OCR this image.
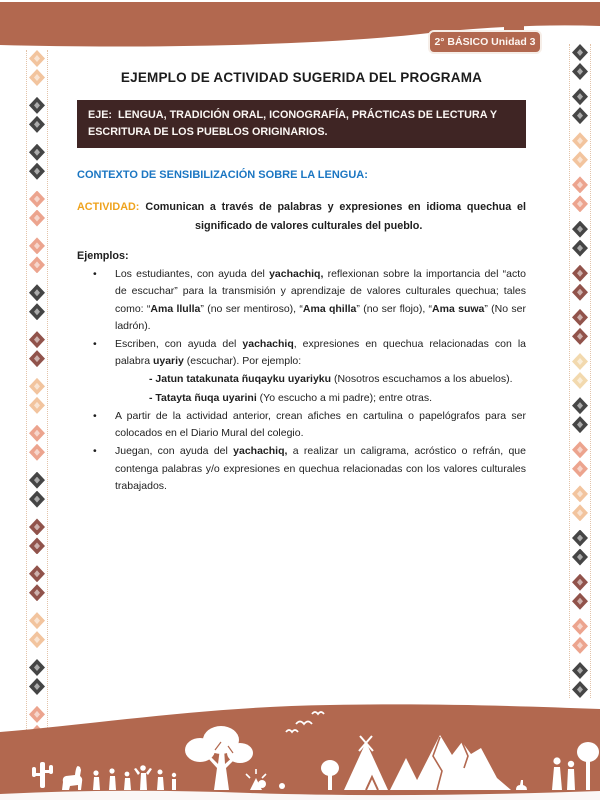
2° BÁSICO Unidad 3
EJEMPLO DE ACTIVIDAD SUGERIDA DEL PROGRAMA
EJE:  LENGUA, TRADICIÓN ORAL, ICONOGRAFÍA, PRÁCTICAS DE LECTURA Y ESCRITURA DE LOS PUEBLOS ORIGINARIOS.
CONTEXTO DE SENSIBILIZACIÓN SOBRE LA LENGUA:
ACTIVIDAD: Comunican a través de palabras y expresiones en idioma quechua el significado de valores culturales del pueblo.
Ejemplos:
•	Los estudiantes, con ayuda del yachachiq, reflexionan sobre la importancia del “acto de escuchar” para la transmisión y aprendizaje de valores culturales quechua; tales como: “Ama llulla” (no ser mentiroso), “Ama qhilla” (no ser flojo), “Ama suwa” (No ser ladrón).
•	Escriben, con ayuda del yachachiq, expresiones en quechua relacionadas con la palabra uyariy (escuchar). Por ejemplo:
- Jatun tatakunata ñuqayku uyariyku (Nosotros escuchamos a los abuelos).
- Tatayta ñuqa uyarini (Yo escucho a mi padre); entre otras.
•	A partir de la actividad anterior, crean afiches en cartulina o papelógrafos para ser colocados en el Diario Mural del colegio.
•	Juegan, con ayuda del yachachiq, a realizar un caligrama, acróstico o refrán, que contenga palabras y/o expresiones en quechua relacionadas con los valores culturales trabajados.
